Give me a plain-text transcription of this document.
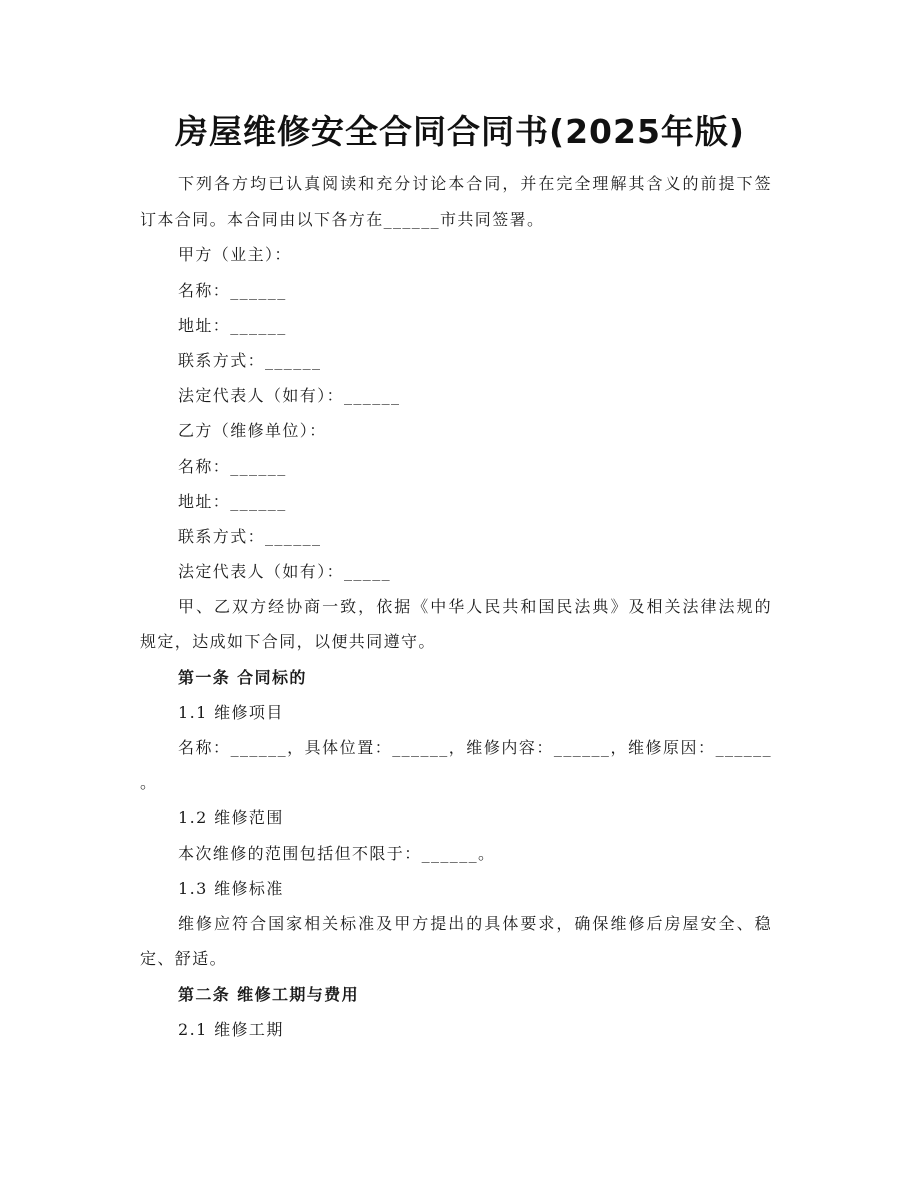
房屋维修安全合同合同书(2025年版)
下列各方均已认真阅读和充分讨论本合同，并在完全理解其含义的前提下签
订本合同。本合同由以下各方在______市共同签署。
甲方（业主）：
名称：______
地址：______
联系方式：______
法定代表人（如有）：______
乙方（维修单位）：
名称：______
地址：______
联系方式：______
法定代表人（如有）：_____
甲、乙双方经协商一致，依据《中华人民共和国民法典》及相关法律法规的
规定，达成如下合同，以便共同遵守。
第一条 合同标的
1.1 维修项目
名称：______，具体位置：______，维修内容：______，维修原因：______
。
1.2 维修范围
本次维修的范围包括但不限于：______。
1.3 维修标准
维修应符合国家相关标准及甲方提出的具体要求，确保维修后房屋安全、稳
定、舒适。
第二条 维修工期与费用
2.1 维修工期
